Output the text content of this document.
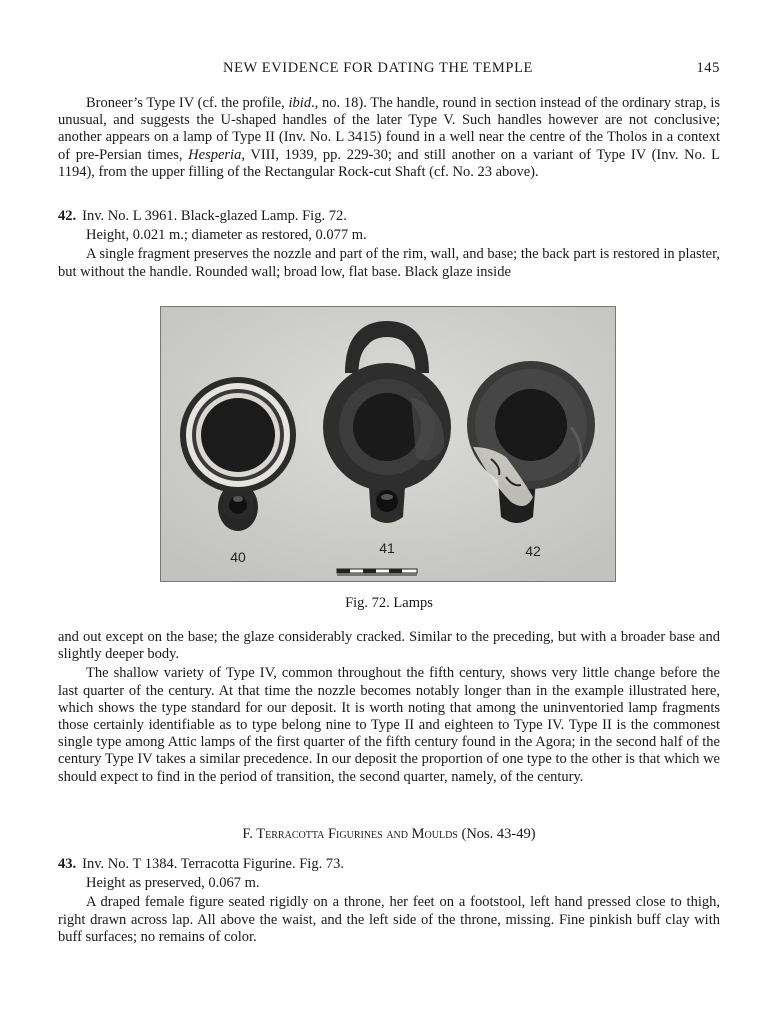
NEW EVIDENCE FOR DATING THE TEMPLE	145

Broneer’s Type IV (cf. the profile, ibid., no. 18). The handle, round in section instead of the ordinary strap, is unusual, and suggests the U-shaped handles of the later Type V. Such handles however are not conclusive; another appears on a lamp of Type II (Inv. No. L 3415) found in a well near the centre of the Tholos in a context of pre-Persian times, Hesperia, VIII, 1939, pp. 229-30; and still another on a variant of Type IV (Inv. No. L 1194), from the upper filling of the Rectangular Rock-cut Shaft (cf. No. 23 above).

42. Inv. No. L 3961. Black-glazed Lamp. Fig. 72.

Height, 0.021 m.; diameter as restored, 0.077 m.

A single fragment preserves the nozzle and part of the rim, wall, and base; the back part is restored in plaster, but without the handle. Rounded wall; broad low, flat base. Black glaze inside

40
41	42
Fig. 72. Lamps

and out except on the base; the glaze considerably cracked. Similar to the preceding, but with a broader base and slightly deeper body.

The shallow variety of Type IV, common throughout the fifth century, shows very little change before the last quarter of the century. At that time the nozzle becomes notably longer than in the example illustrated here, which shows the type standard for our deposit. It is worth noting that among the uninventoried lamp fragments those certainly identifiable as to type belong nine to Type II and eighteen to Type IV. Type II is the commonest single type among Attic lamps of the first quarter of the fifth century found in the Agora; in the second half of the century Type IV takes a similar precedence. In our deposit the proportion of one type to the other is that which we should expect to find in the period of transition, the second quarter, namely, of the century.

F. Terracotta Figurines and Moulds (Nos. 43-49)

43. Inv. No. T 1384. Terracotta Figurine. Fig. 73.

Height as preserved, 0.067 m.

A draped female figure seated rigidly on a throne, her feet on a footstool, left hand pressed close to thigh, right drawn across lap. All above the waist, and the left side of the throne, missing. Fine pinkish buff clay with buff surfaces; no remains of color.
